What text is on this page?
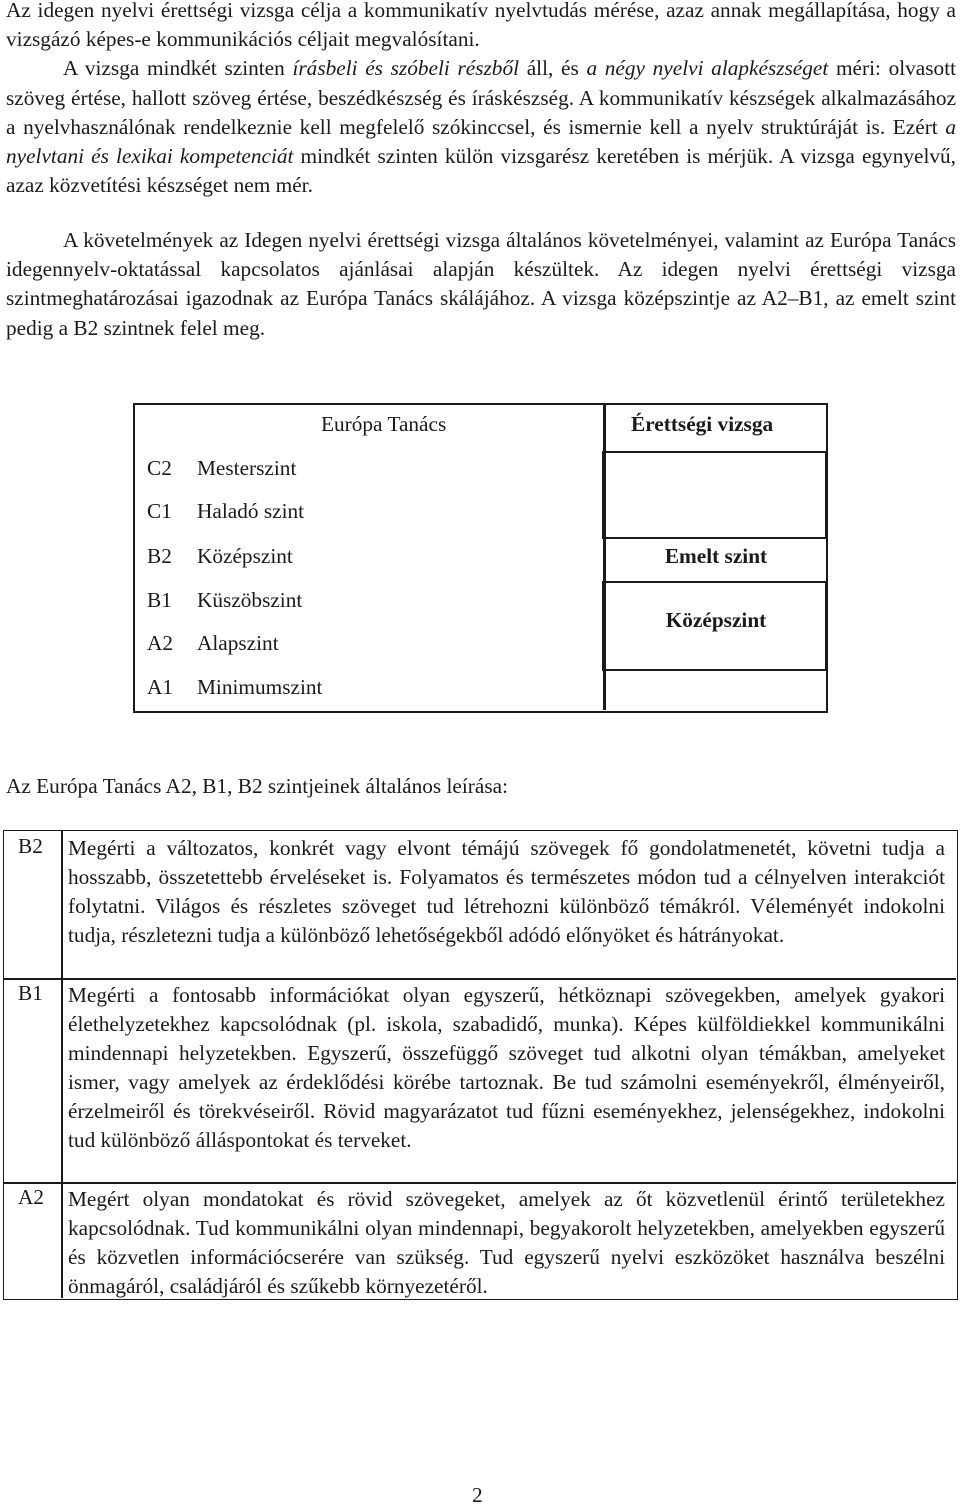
Az idegen nyelvi érettségi vizsga célja a kommunikatív nyelvtudás mérése, azaz annak megállapítása, hogy a vizsgázó képes-e kommunikációs céljait megvalósítani.
A vizsga mindkét szinten írásbeli és szóbeli részből áll, és a négy nyelvi alapkészséget méri: olvasott szöveg értése, hallott szöveg értése, beszédkészség és íráskészség. A kommunikatív készségek alkalmazásához a nyelvhasználónak rendelkeznie kell megfelelő szókinccsel, és ismernie kell a nyelv struktúráját is. Ezért a nyelvtani és lexikai kompetenciát mindkét szinten külön vizsgarész keretében is mérjük. A vizsga egynyelvű, azaz közvetítési készséget nem mér.

A követelmények az Idegen nyelvi érettségi vizsga általános követelményei, valamint az Európa Tanács idegennyelv-oktatással kapcsolatos ajánlásai alapján készültek. Az idegen nyelvi érettségi vizsga szintmeghatározásai igazodnak az Európa Tanács skálájához. A vizsga középszintje az A2–B1, az emelt szint pedig a B2 szintnek felel meg.

Európa Tanács	Érettségi vizsga
C2 Mesterszint
C1 Haladó szint
B2 Középszint
B1 Küszöbszint
A2 Alapszint
A1 Minimumszint
Emelt szint
Középszint
Az Európa Tanács A2, B1, B2 szintjeinek általános leírása:
B2 Megérti a változatos, konkrét vagy elvont témájú szövegek fő gondolatmenetét, követni tudja a hosszabb, összetettebb érveléseket is. Folyamatos és természetes módon tud a célnyelven interakciót folytatni. Világos és részletes szöveget tud létrehozni különböző témákról. Véleményét indokolni tudja, részletezni tudja a különböző lehetőségekből adódó előnyöket és hátrányokat.
B1 Megérti a fontosabb információkat olyan egyszerű, hétköznapi szövegekben, amelyek gyakori élethelyzetekhez kapcsolódnak (pl. iskola, szabadidő, munka). Képes külföldiekkel kommunikálni mindennapi helyzetekben. Egyszerű, összefüggő szöveget tud alkotni olyan témákban, amelyeket ismer, vagy amelyek az érdeklődési körébe tartoznak. Be tud számolni eseményekről, élményeiről, érzelmeiről és törekvéseiről. Rövid magyarázatot tud fűzni eseményekhez, jelenségekhez, indokolni tud különböző álláspontokat és terveket.
A2 Megért olyan mondatokat és rövid szövegeket, amelyek az őt közvetlenül érintő területekhez kapcsolódnak. Tud kommunikálni olyan mindennapi, begyakorolt helyzetekben, amelyekben egyszerű és közvetlen információcserére van szükség. Tud egyszerű nyelvi eszközöket használva beszélni önmagáról, családjáról és szűkebb környezetéről.
2
